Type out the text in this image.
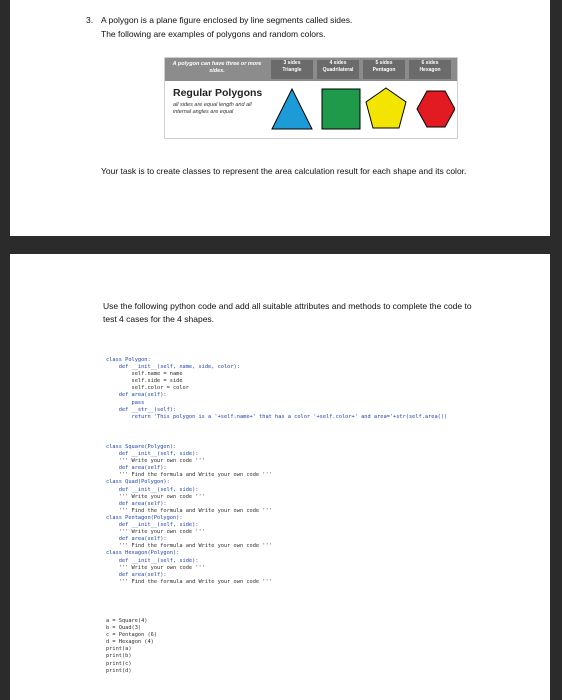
3. A polygon is a plane figure enclosed by line segments called sides.
The following are examples of polygons and random colors.
A polygon can have three or more sides.
3 sides
Triangle
4 sides
Quadrilateral
5 sides
Pentagon
6 sides
Hexagon
Regular Polygons
all sides are equal length and all internal angles are equal
Your task is to create classes to represent the area calculation result for each shape and its color.
Use the following python code and add all suitable attributes and methods to complete the code to
test 4 cases for the 4 shapes.
class Polygon:
def __init__(self, name, side, color):
self.name = name
self.side = side
self.color = color
def area(self):
pass
def __str__(self):
return 'This polygon is a '+self.name+' that has a color '+self.color+' and area='+str(self.area())
class Square(Polygon):
def __init__(self, side):
''' Write your own code '''
def area(self):
''' Find the formula and Write your own code '''
class Quad(Polygon):
def __init__(self, side):
''' Write your own code '''
def area(self):
''' Find the formula and Write your own code '''
class Pentagon(Polygon):
def __init__(self, side):
''' Write your own code '''
def area(self):
''' Find the formula and Write your own code '''
class Hexagon(Polygon):
def __init__(self, side):
''' Write your own code '''
def area(self):
''' Find the formula and Write your own code '''
a = Square(4)
b = Quad(3)
c = Pentagon (6)
d = Hexagon (4)
print(a)
print(b)
print(c)
print(d)
